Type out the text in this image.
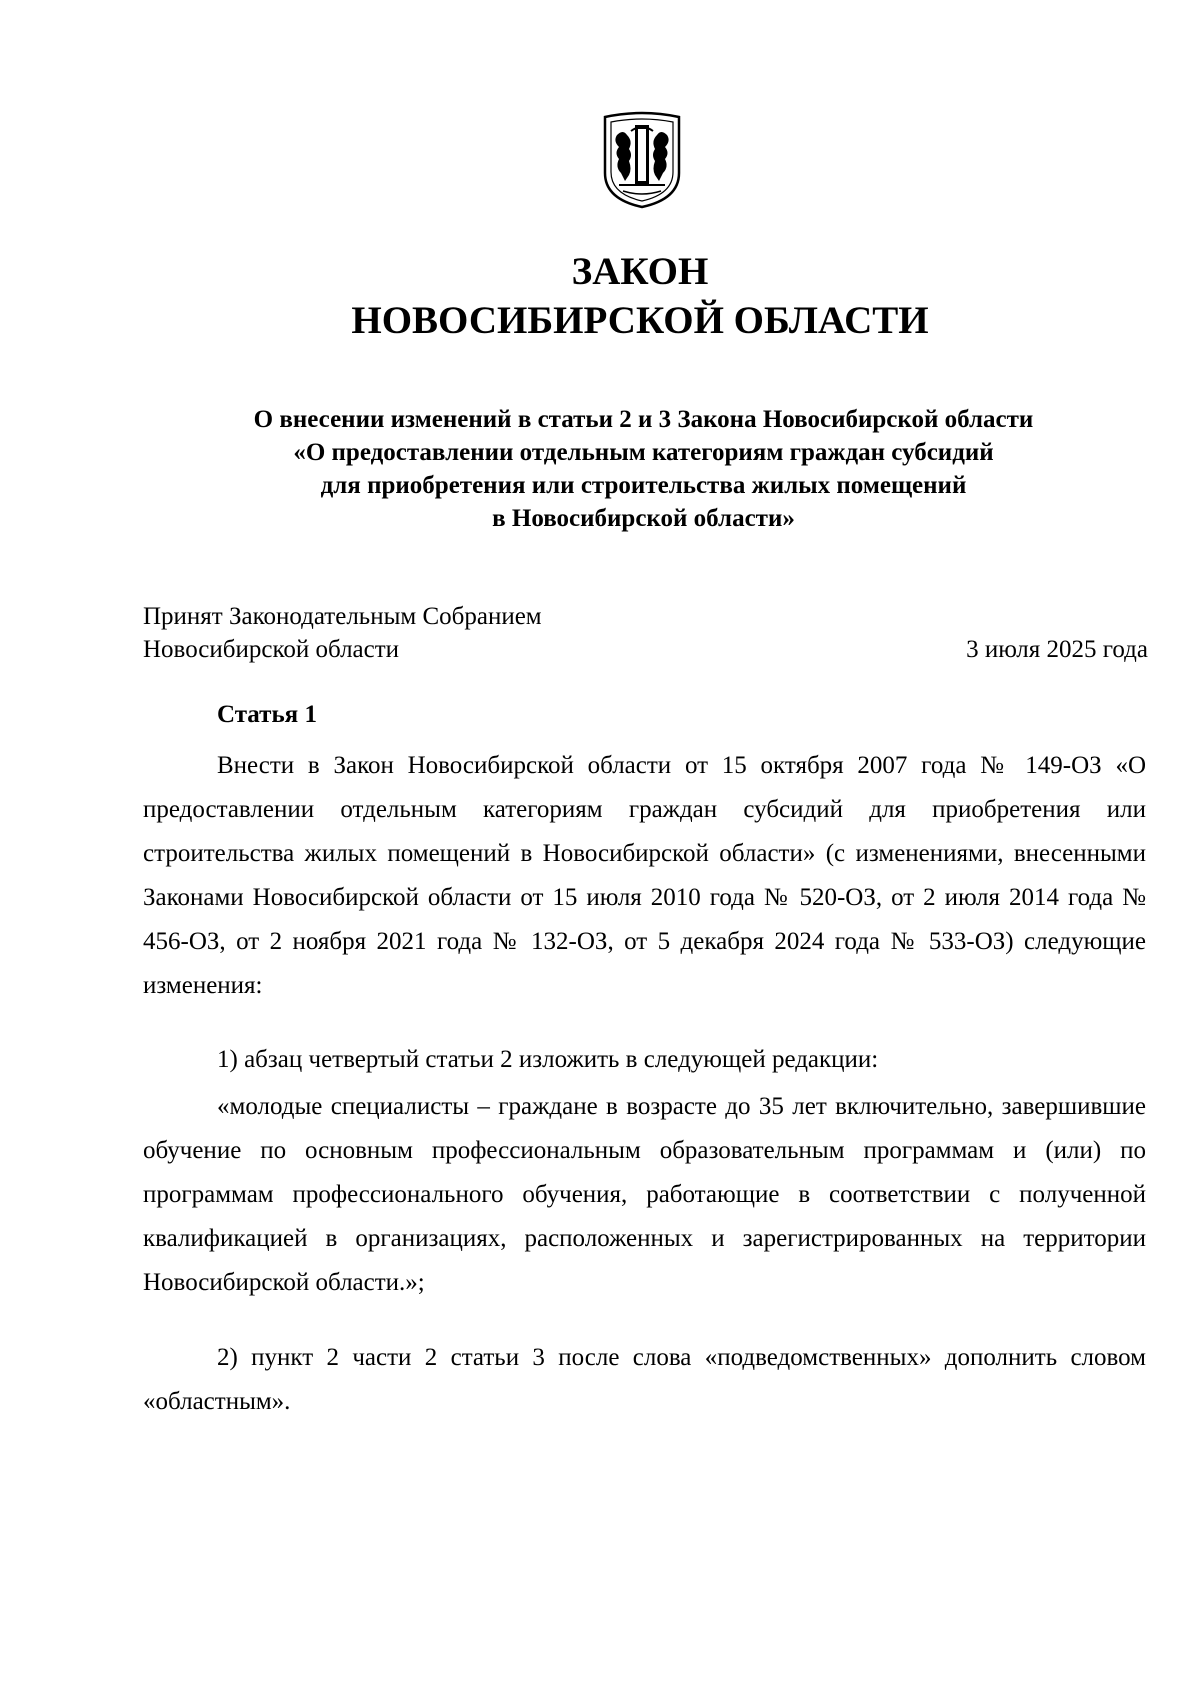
ЗАКОН
НОВОСИБИРСКОЙ ОБЛАСТИ
О внесении изменений в статьи 2 и 3 Закона Новосибирской области
«О предоставлении отдельным категориям граждан субсидий
для приобретения или строительства жилых помещений
в Новосибирской области»
Принят Законодательным Собранием
Новосибирской области	3 июля 2025 года
Статья 1
Внести в Закон Новосибирской области от 15 октября 2007 года № 149-ОЗ «О предоставлении отдельным категориям граждан субсидий для приобретения или строительства жилых помещений в Новосибирской области» (с изменениями, внесенными Законами Новосибирской области от 15 июля 2010 года № 520-ОЗ, от 2 июля 2014 года № 456-ОЗ, от 2 ноября 2021 года № 132-ОЗ, от 5 декабря 2024 года № 533-ОЗ) следующие изменения:
1) абзац четвертый статьи 2 изложить в следующей редакции:
«молодые специалисты – граждане в возрасте до 35 лет включительно, завершившие обучение по основным профессиональным образовательным программам и (или) по программам профессионального обучения, работающие в соответствии с полученной квалификацией в организациях, расположенных и зарегистрированных на территории Новосибирской области.»;
2) пункт 2 части 2 статьи 3 после слова «подведомственных» дополнить словом «областным».
